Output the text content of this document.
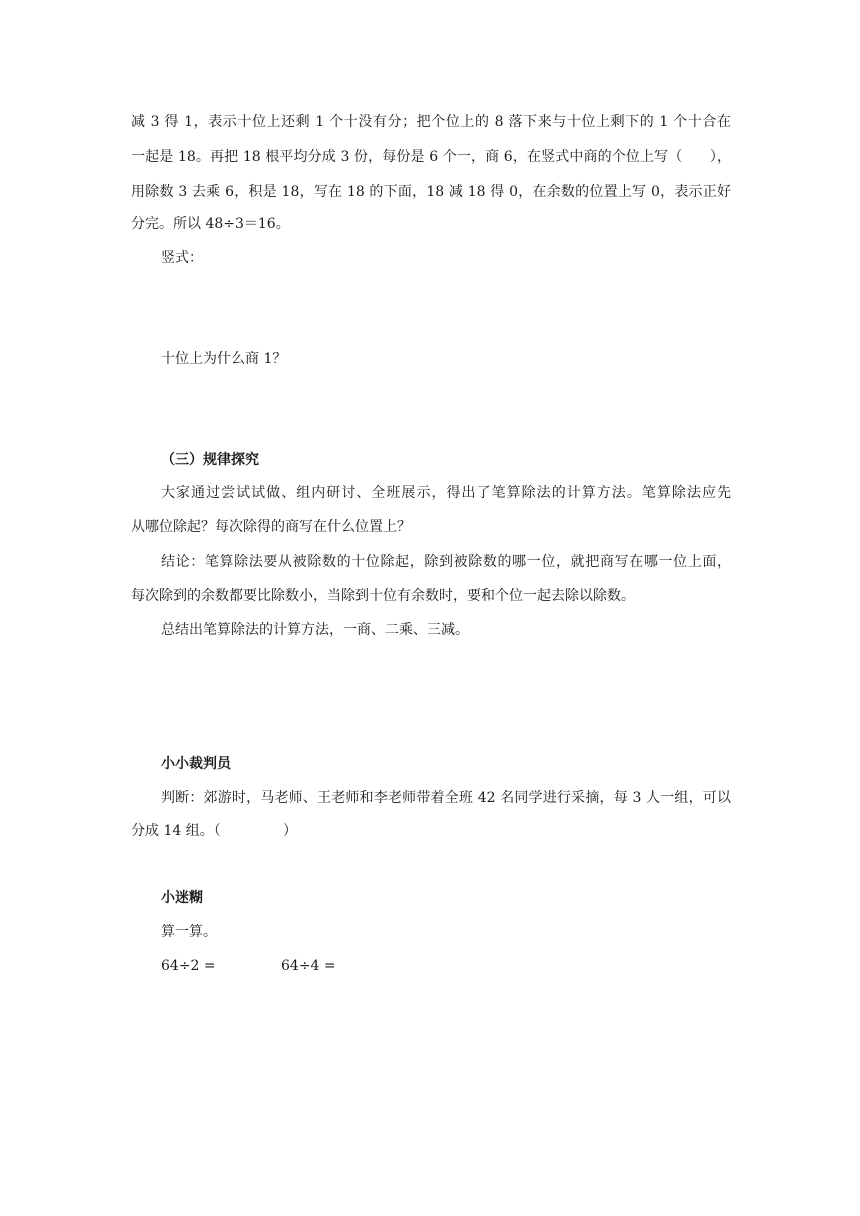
减 3 得 1，表示十位上还剩 1 个十没有分；把个位上的 8 落下来与十位上剩下的 1 个十合在
一起是 18。再把 18 根平均分成 3 份，每份是 6 个一，商 6，在竖式中商的个位上写（      ），
用除数 3 去乘 6，积是 18，写在 18 的下面，18 减 18 得 0，在余数的位置上写 0，表示正好
分完。所以 48÷3＝16。
竖式：
十位上为什么商 1？
（三）规律探究
大家通过尝试试做、组内研讨、全班展示，得出了笔算除法的计算方法。笔算除法应先
从哪位除起？每次除得的商写在什么位置上？
结论：笔算除法要从被除数的十位除起，除到被除数的哪一位，就把商写在哪一位上面，
每次除到的余数都要比除数小，当除到十位有余数时，要和个位一起去除以除数。
总结出笔算除法的计算方法，一商、二乘、三减。
小小裁判员
判断：郊游时，马老师、王老师和李老师带着全班 42 名同学进行采摘，每 3 人一组，可以
分成 14 组。（              ）
小迷糊
算一算。
64÷2 =	64÷4 =
